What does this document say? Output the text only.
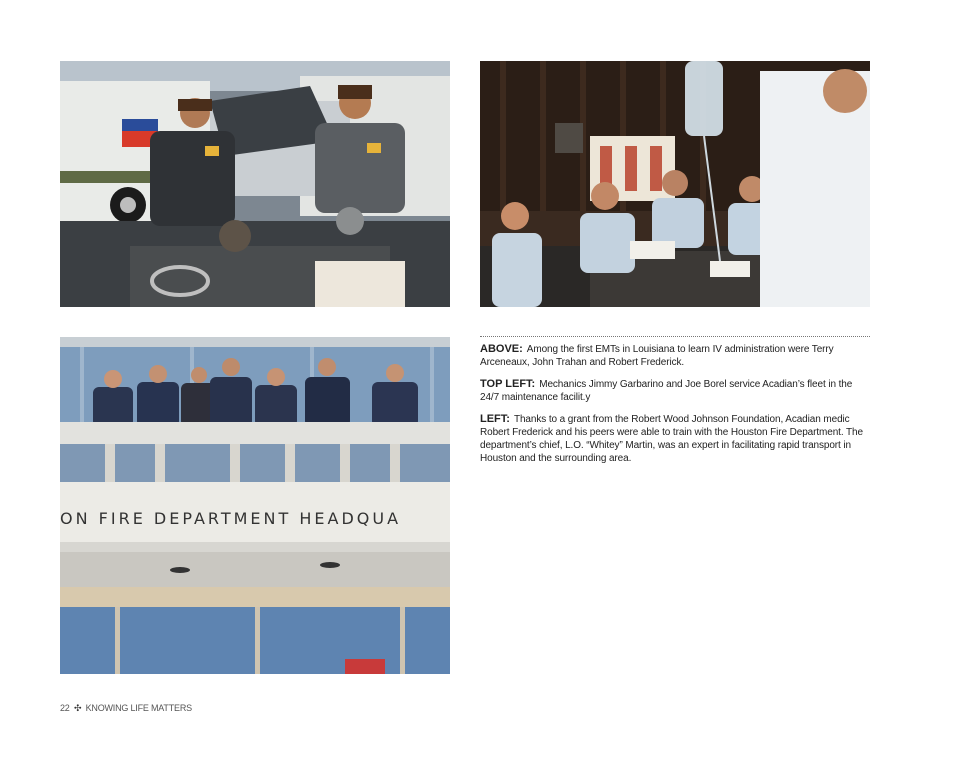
ON FIRE DEPARTMENT HEADQUA

ABOVE: Among the first EMTs in Louisiana to learn IV administration were Terry Arceneaux, John Trahan and Robert Frederick.

TOP LEFT: Mechanics Jimmy Garbarino and Joe Borel service Acadian’s fleet in the 24/7 maintenance facilit.y

LEFT: Thanks to a grant from the Robert Wood Johnson Foundation, Acadian medic Robert Frederick and his peers were able to train with the Houston Fire Department. The department’s chief, L.O. “Whitey” Martin, was an expert in facilitating rapid transport in Houston and the surrounding area.

22 ✣ KNOWING LIFE MATTERS
